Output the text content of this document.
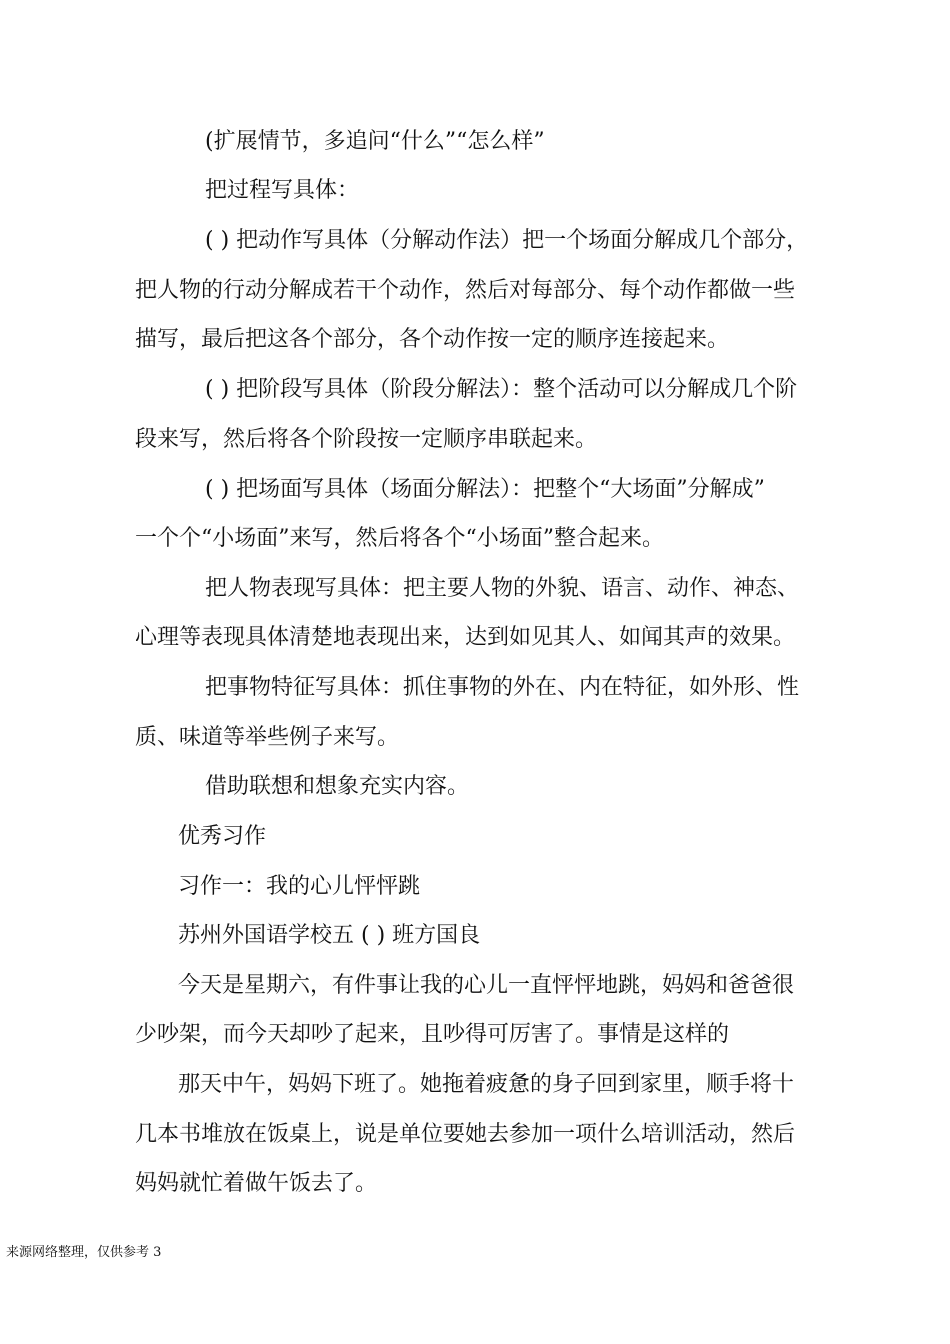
(扩展情节，多追问“什么”“怎么样”
把过程写具体：
( ) 把动作写具体（分解动作法）把一个场面分解成几个部分，
把人物的行动分解成若干个动作，然后对每部分、每个动作都做一些
描写，最后把这各个部分，各个动作按一定的顺序连接起来。
( ) 把阶段写具体（阶段分解法）：整个活动可以分解成几个阶
段来写，然后将各个阶段按一定顺序串联起来。
( ) 把场面写具体（场面分解法）：把整个“大场面”分解成”
一个个“小场面”来写，然后将各个“小场面”整合起来。
把人物表现写具体：把主要人物的外貌、语言、动作、神态、
心理等表现具体清楚地表现出来，达到如见其人、如闻其声的效果。
把事物特征写具体：抓住事物的外在、内在特征，如外形、性
质、味道等举些例子来写。
借助联想和想象充实内容。
优秀习作
习作一：我的心儿怦怦跳
苏州外国语学校五 ( ) 班方国良
今天是星期六，有件事让我的心儿一直怦怦地跳，妈妈和爸爸很
少吵架，而今天却吵了起来，且吵得可厉害了。事情是这样的
那天中午，妈妈下班了。她拖着疲惫的身子回到家里，顺手将十
几本书堆放在饭桌上，说是单位要她去参加一项什么培训活动，然后
妈妈就忙着做午饭去了。
来源网络整理，仅供参考 3
